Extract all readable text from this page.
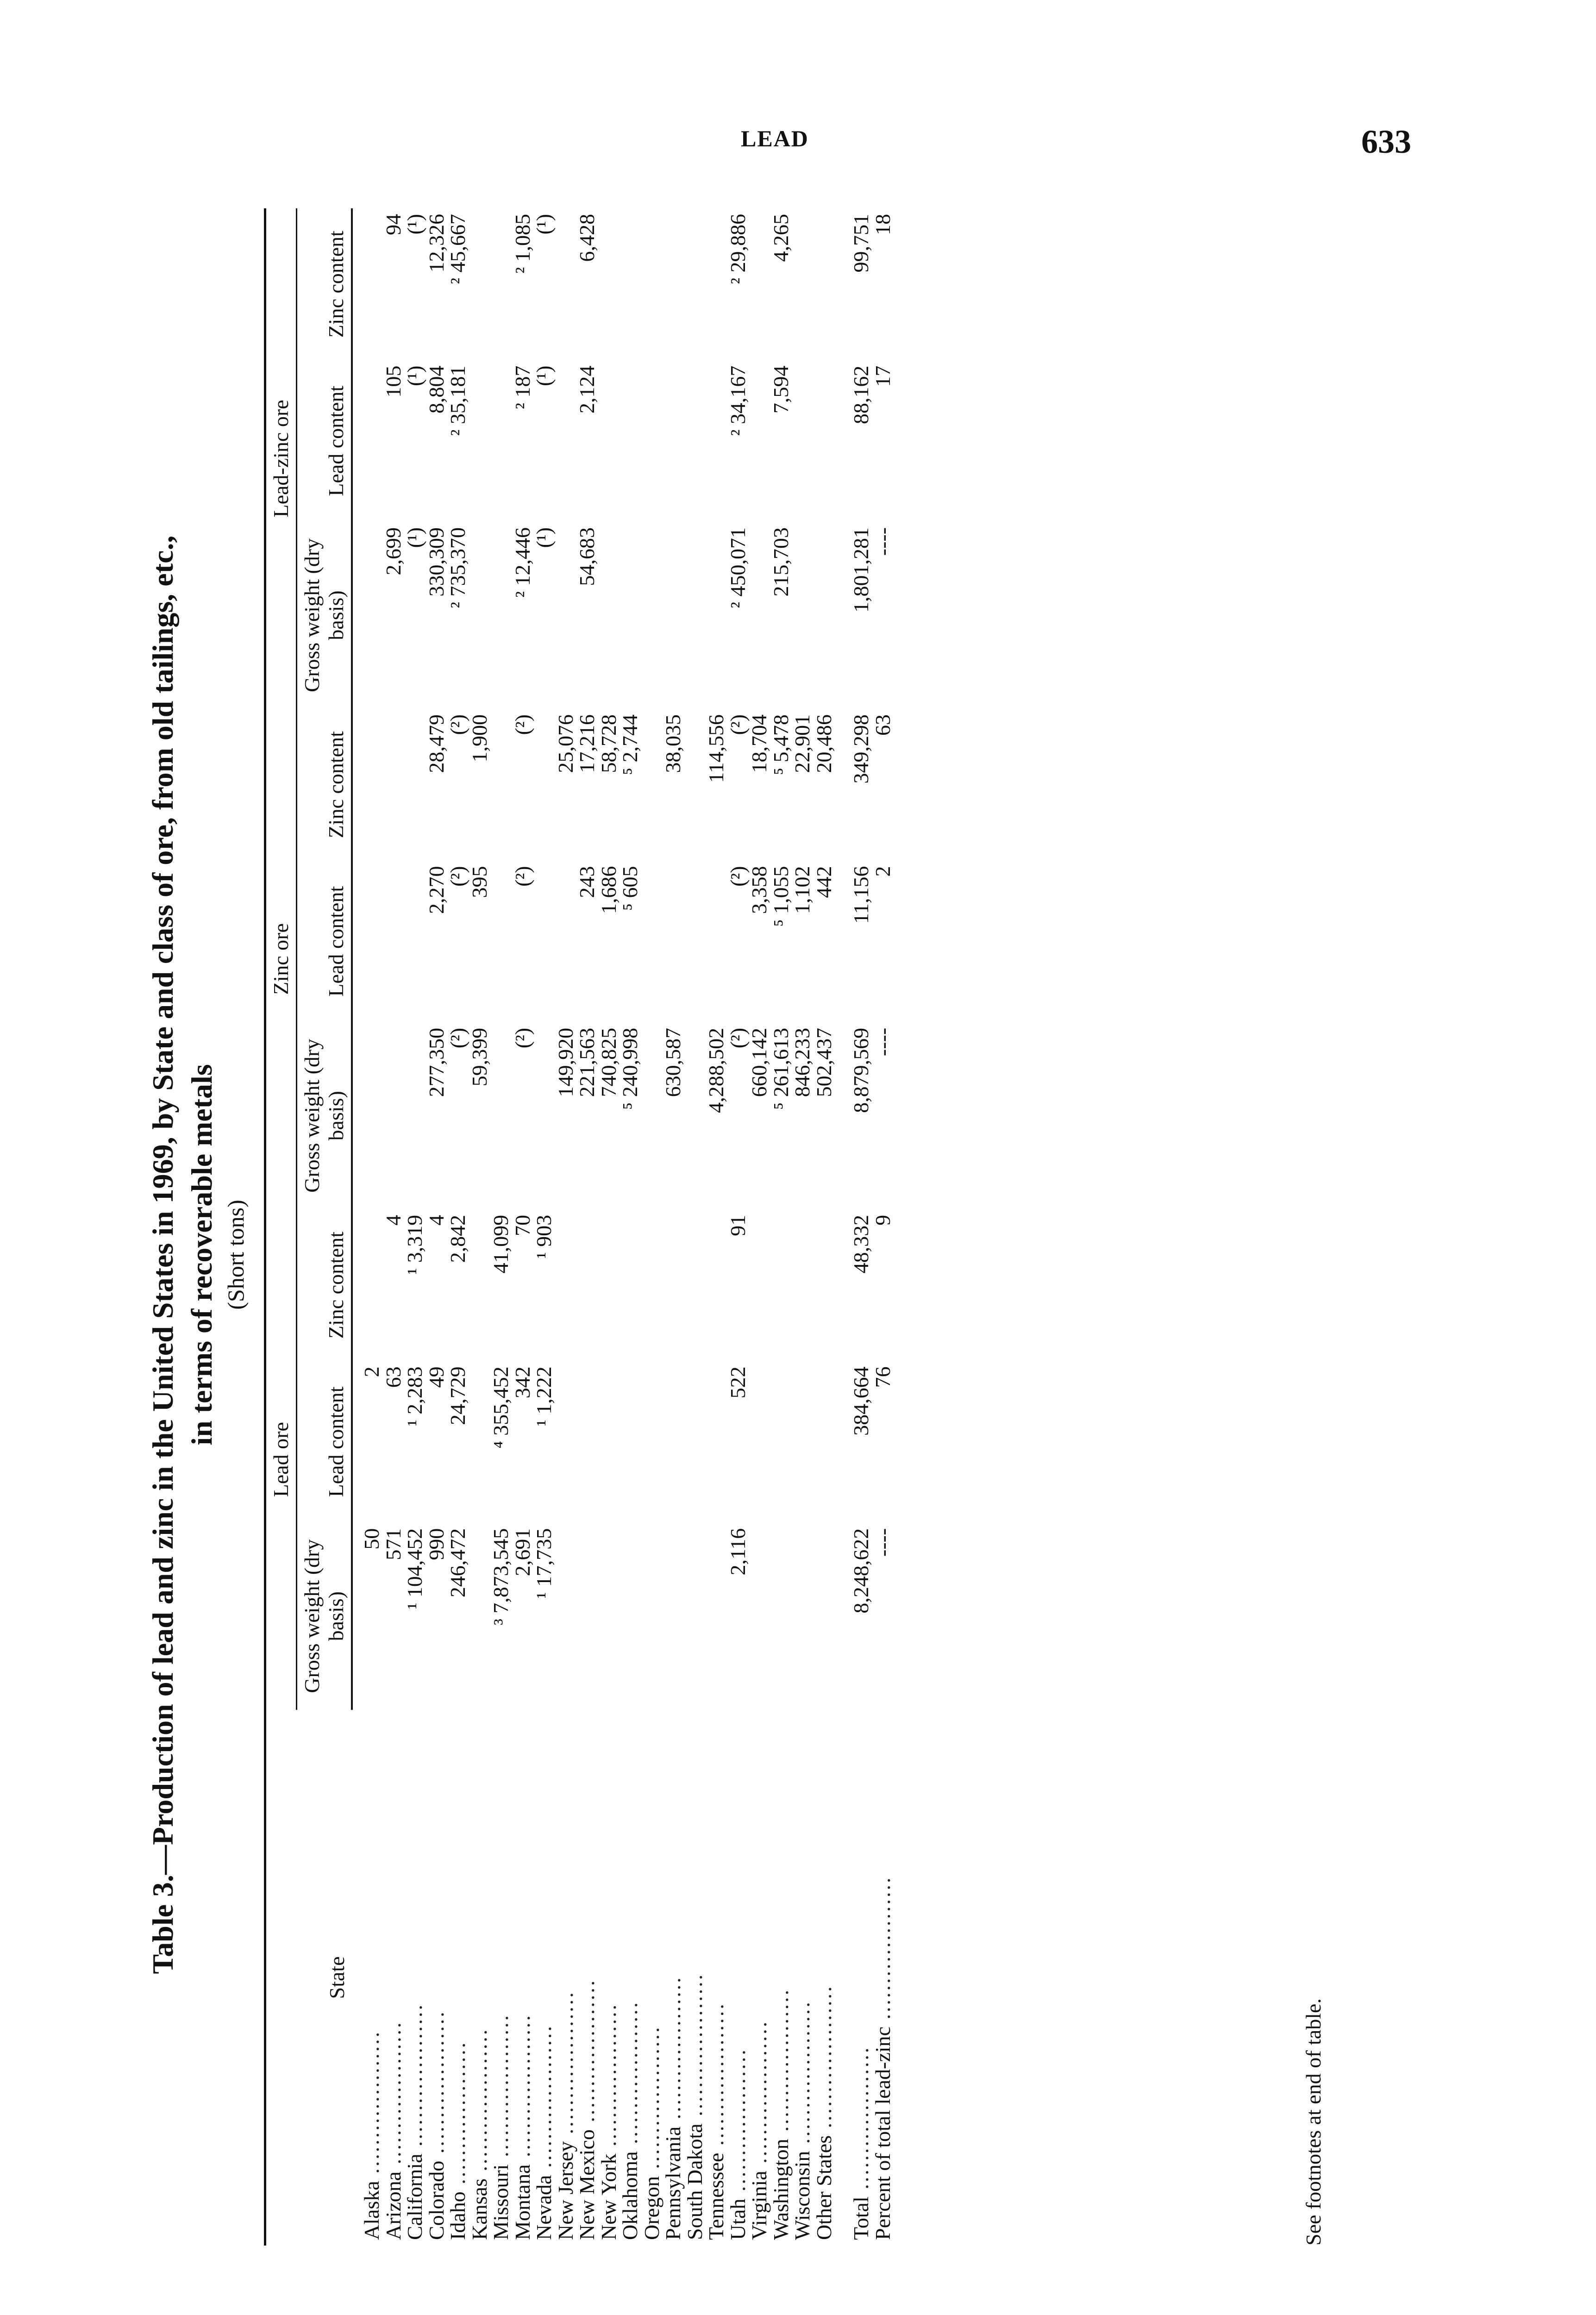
LEAD	633
Table 3.—Production of lead and zinc in the United States in 1969, by State and class of ore, from old tailings, etc., in terms of recoverable metals (Short tons)
State	Lead ore			Zinc ore			Lead-zinc ore		
	Gross weight (dry basis)	Lead content	Zinc content	Gross weight (dry basis)	Lead content	Zinc content	Gross weight (dry basis)	Lead content	Zinc content

Alaska ....................	50	2							
Arizona ....................	571	63	4				2,699	105	94
California ....................	¹ 104,452	¹ 2,283	¹ 3,319				(¹)	(¹)	(¹)
Colorado ....................	990	49	4	277,350	2,270	28,479	330,309	8,804	12,326
Idaho ....................	246,472	24,729	2,842	(²)	(²)	(²)	² 735,370	² 35,181	² 45,667
Kansas ....................				59,399	395	1,900			
Missouri ....................	³ 7,873,545	⁴ 355,452	41,099						
Montana ....................	2,691	342	70	(²)	(²)	(²)	² 12,446	² 187	² 1,085
Nevada ....................	¹ 17,735	¹ 1,222	¹ 903				(¹)	(¹)	(¹)
New Jersey ....................				149,920		25,076			
New Mexico ....................				221,563	243	17,216	54,683	2,124	6,428
New York ....................				740,825	1,686	58,728			
Oklahoma ....................				⁵ 240,998	⁵ 605	⁵ 2,744			
Oregon ....................									
Pennsylvania ....................				630,587		38,035			
South Dakota ....................									
Tennessee ....................				4,288,502		114,556			
Utah ....................	2,116	522	91	(²)	(²)	(²)	² 450,071	² 34,167	² 29,886
Virginia ....................				660,142	3,358	18,704			
Washington ....................				⁵ 261,613	⁵ 1,055	⁵ 5,478	215,703	7,594	4,265
Wisconsin ....................				846,233	1,102	22,901			
Other States ....................				502,437	442	20,486			
Total ....................	8,248,622	384,664	48,332	8,879,569	11,156	349,298	1,801,281	88,162	99,751
Percent of total lead-zinc ....................	----	76	9	----	2	63	----	17	18
See footnotes at end of table.
